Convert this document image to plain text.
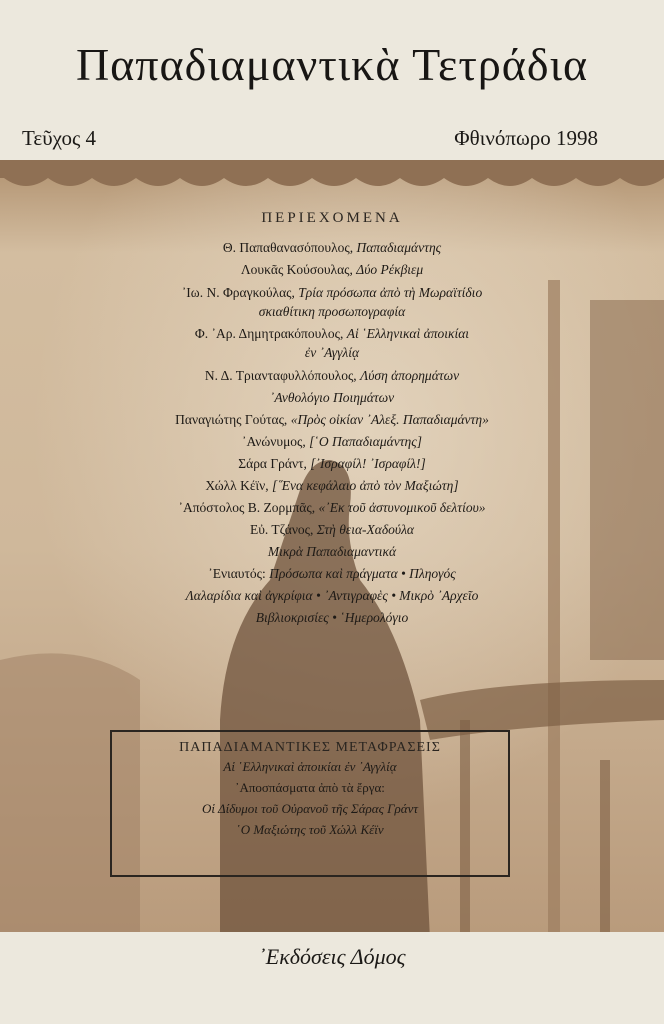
Παπαδιαμαντικὰ Τετράδια
Τεῦχος 4	Φθινόπωρο 1998
ΠΕΡΙΕΧΟΜΕΝΑ
Θ. Παπαθανασόπουλος, Παπαδιαμάντης
Λουκᾶς Κούσουλας, Δύο Ρέκβιεμ
᾿Ιω. Ν. Φραγκούλας, Τρία πρόσωπα ἀπὸ τὴ Μωραϊτίδιο
σκιαθίτικη προσωπογραφία
Φ. ᾿Αρ. Δημητρακόπουλος, Αἱ ῾Ελληνικαὶ ἀποικίαι
ἐν ᾿Αγγλίᾳ
Ν. Δ. Τριανταφυλλόπουλος, Λύση ἀπορημάτων
᾿Ανθολόγιο Ποιημάτων
Παναγιώτης Γούτας, «Πρὸς οἰκίαν ᾿Αλεξ. Παπαδιαμάντη»
᾿Ανώνυμος, [῾Ο Παπαδιαμάντης]
Σάρα Γράντ, [᾿Ισραφίλ! ᾿Ισραφίλ!]
Χώλλ Κέϊν, [῞Ενα κεφάλαιο ἀπὸ τὸν Μαξιώτη]
᾿Απόστολος Β. Ζορμπᾶς, «᾿Εκ τοῦ ἀστυνομικοῦ δελτίου»
Εὐ. Τζάνος, Στὴ θεια-Χαδούλα
Μικρὰ Παπαδιαμαντικά
᾿Ενιαυτός: Πρόσωπα καὶ πράγματα • Πληογός
Λαλαρίδια καὶ ἀγκρίφια • ᾿Αντιγραφὲς • Μικρὸ ᾿Αρχεῖο
Βιβλιοκρισίες • ῾Ημερολόγιο
ΠΑΠΑΔΙΑΜΑΝΤΙΚΕΣ ΜΕΤΑΦΡΑΣΕΙΣ
Αἱ ῾Ελληνικαὶ ἀποικίαι ἐν ᾿Αγγλίᾳ
᾿Αποσπάσματα ἀπὸ τὰ ἔργα:
Οἱ Δίδυμοι τοῦ Οὐρανοῦ τῆς Σάρας Γράντ
῾Ο Μαξιώτης τοῦ Χώλλ Κέϊν
᾿Εκδόσεις Δόμος
